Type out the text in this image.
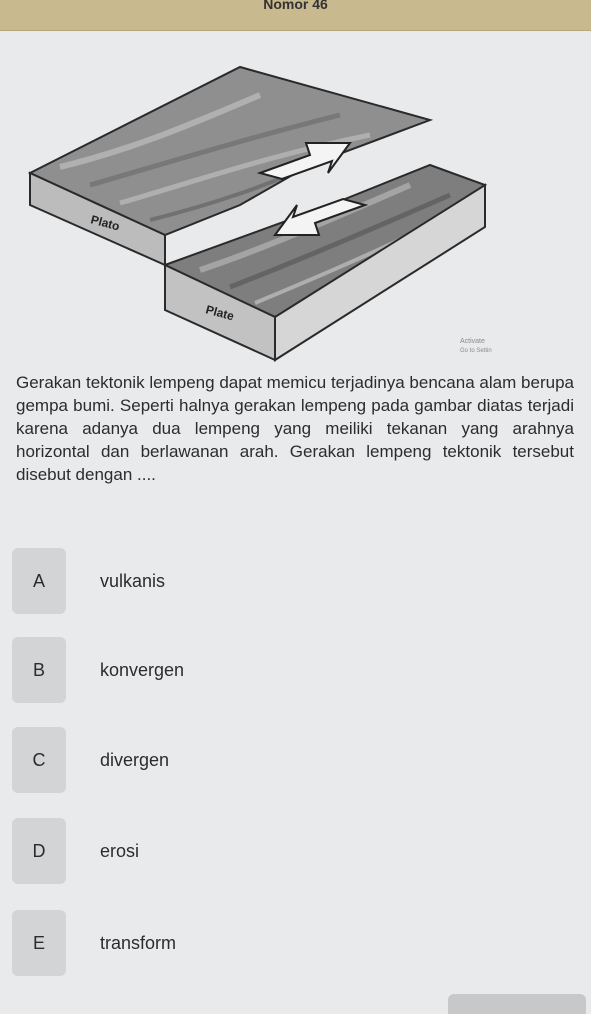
Nomor 46
Plato
Plate
Activate
Go to Settin
Gerakan tektonik lempeng dapat memicu terjadinya bencana alam berupa gempa bumi. Seperti halnya gerakan lempeng pada gambar diatas terjadi karena adanya dua lempeng yang meiliki tekanan yang arahnya horizontal dan berlawanan arah. Gerakan lempeng tektonik tersebut disebut dengan ....
A	vulkanis
B	konvergen
C	divergen
D	erosi
E	transform
